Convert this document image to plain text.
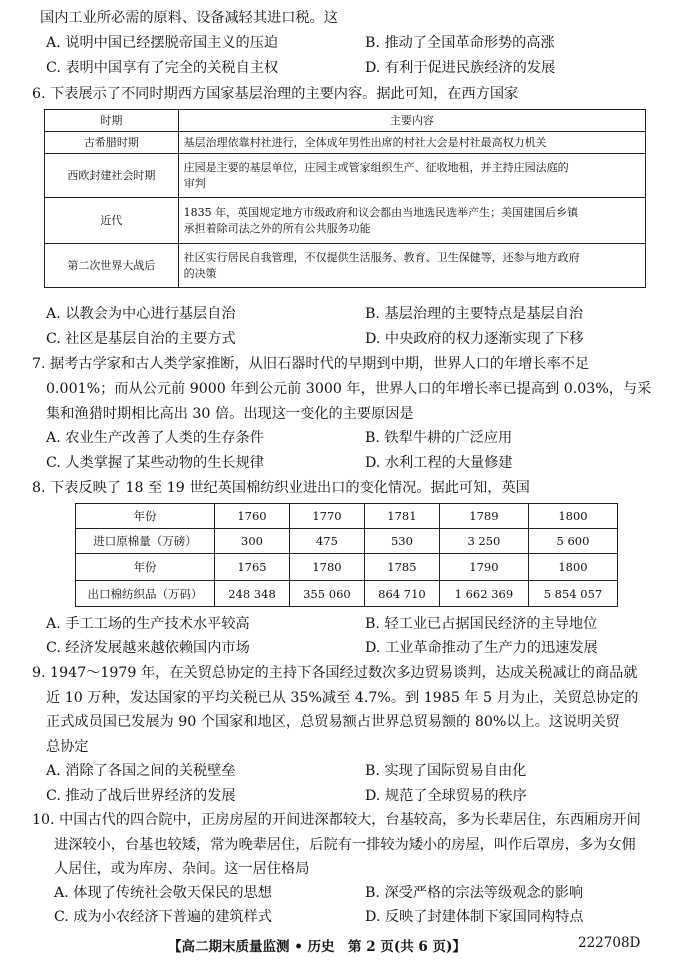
国内工业所必需的原料、设备减轻其进口税。这
A. 说明中国已经摆脱帝国主义的压迫	B. 推动了全国革命形势的高涨
C. 表明中国享有了完全的关税自主权	D. 有利于促进民族经济的发展
6. 下表展示了不同时期西方国家基层治理的主要内容。据此可知，在西方国家
时期	主要内容
古希腊时期	基层治理依靠村社进行，全体成年男性出席的村社大会是村社最高权力机关

西欧封建社会时期	庄园是主要的基层单位，庄园主或管家组织生产、征收地租，并主持庄园法庭的
审判

近代	1835 年，英国规定地方市级政府和议会都由当地选民选举产生；美国建国后乡镇
承担着除司法之外的所有公共服务功能

第二次世界大战后	社区实行居民自我管理，不仅提供生活服务、教育、卫生保健等，还参与地方政府
的决策
A. 以教会为中心进行基层自治	B. 基层治理的主要特点是基层自治
C. 社区是基层自治的主要方式	D. 中央政府的权力逐渐实现了下移
7. 据考古学家和古人类学家推断，从旧石器时代的早期到中期，世界人口的年增长率不足
0.001%；而从公元前 9000 年到公元前 3000 年，世界人口的年增长率已提高到 0.03%，与采
集和渔猎时期相比高出 30 倍。出现这一变化的主要原因是
A. 农业生产改善了人类的生存条件	B. 铁犁牛耕的广泛应用
C. 人类掌握了某些动物的生长规律	D. 水利工程的大量修建
8. 下表反映了 18 至 19 世纪英国棉纺织业进出口的变化情况。据此可知，英国
年份	1760	1770	1781	1789	1800
进口原棉量（万磅）	300	475	530	3 250	5 600
年份	1765	1780	1785	1790	1800
出口棉纺织品（万码）	248 348	355 060	864 710	1 662 369	5 854 057
A. 手工工场的生产技术水平较高	B. 轻工业已占据国民经济的主导地位
C. 经济发展越来越依赖国内市场	D. 工业革命推动了生产力的迅速发展
9. 1947～1979 年，在关贸总协定的主持下各国经过数次多边贸易谈判，达成关税减让的商品就
近 10 万种，发达国家的平均关税已从 35%减至 4.7%。到 1985 年 5 月为止，关贸总协定的
正式成员国已发展为 90 个国家和地区，总贸易额占世界总贸易额的 80%以上。这说明关贸
总协定
A. 消除了各国之间的关税壁垒	B. 实现了国际贸易自由化
C. 推动了战后世界经济的发展	D. 规范了全球贸易的秩序
10. 中国古代的四合院中，正房房屋的开间进深都较大，台基较高，多为长辈居住，东西厢房开间
进深较小，台基也较矮，常为晚辈居住，后院有一排较为矮小的房屋，叫作后罩房，多为女佣
人居住，或为库房、杂间。这一居住格局
A. 体现了传统社会敬天保民的思想	B. 深受严格的宗法等级观念的影响
C. 成为小农经济下普遍的建筑样式	D. 反映了封建体制下家国同构特点
【高二期末质量监测 • 历史　第 2 页(共 6 页)】	222708D
